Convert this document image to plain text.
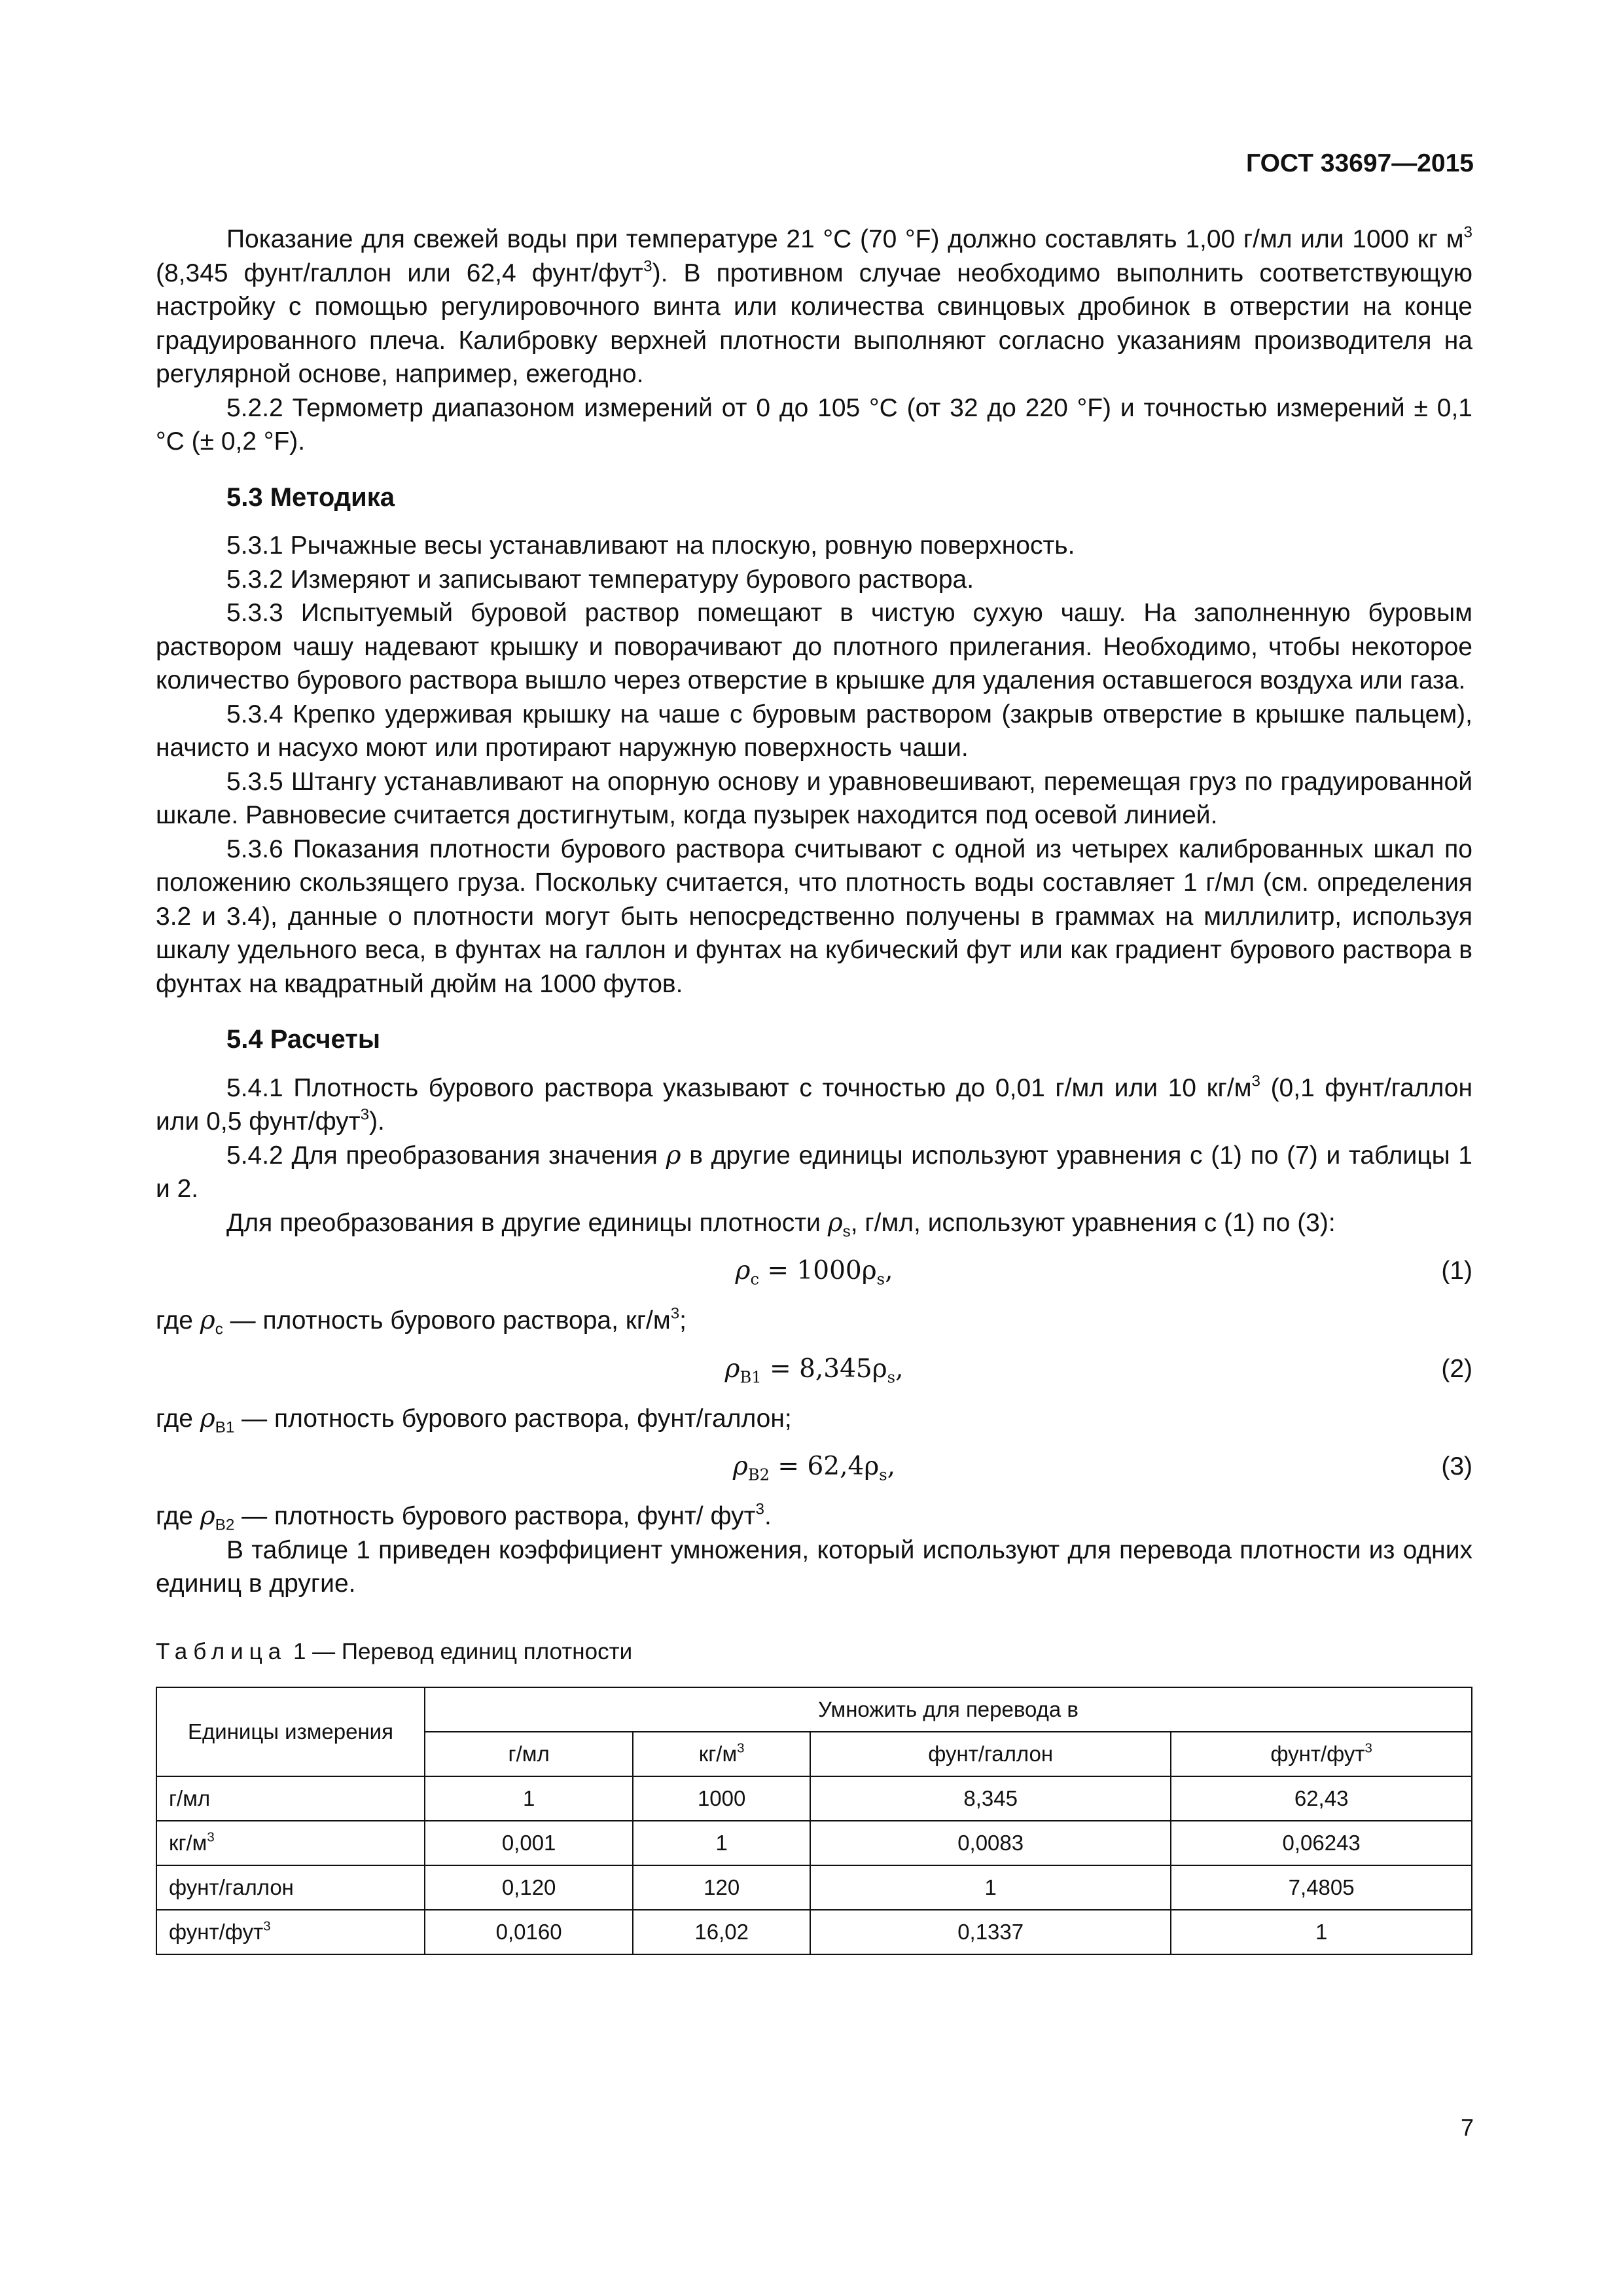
ГОСТ 33697—2015

Показание для свежей воды при температуре 21 °С (70 °F) должно составлять 1,00 г/мл или 1000 кг $м^3$ (8,345 фунт/галлон или 62,4 фунт/фут$^3$). В противном случае необходимо выполнить соответствующую настройку с помощью регулировочного винта или количества свинцовых дробинок в отверстии на конце градуированного плеча. Калибровку верхней плотности выполняют согласно указаниям производителя на регулярной основе, например, ежегодно.

5.2.2 Термометр диапазоном измерений от 0 до 105 °С (от 32 до 220 °F) и точностью измерений ± 0,1 °С (± 0,2 °F).

5.3 Методика

5.3.1 Рычажные весы устанавливают на плоскую, ровную поверхность.

5.3.2 Измеряют и записывают температуру бурового раствора.

5.3.3 Испытуемый буровой раствор помещают в чистую сухую чашу. На заполненную буровым раствором чашу надевают крышку и поворачивают до плотного прилегания. Необходимо, чтобы некоторое количество бурового раствора вышло через отверстие в крышке для удаления оставшегося воздуха или газа.

5.3.4 Крепко удерживая крышку на чаше с буровым раствором (закрыв отверстие в крышке пальцем), начисто и насухо моют или протирают наружную поверхность чаши.

5.3.5 Штангу устанавливают на опорную основу и уравновешивают, перемещая груз по градуированной шкале. Равновесие считается достигнутым, когда пузырек находится под осевой линией.

5.3.6 Показания плотности бурового раствора считывают с одной из четырех калиброванных шкал по положению скользящего груза. Поскольку считается, что плотность воды составляет 1 г/мл (см. определения 3.2 и 3.4), данные о плотности могут быть непосредственно получены в граммах на миллилитр, используя шкалу удельного веса, в фунтах на галлон и фунтах на кубический фут или как градиент бурового раствора в фунтах на квадратный дюйм на 1000 футов.

5.4 Расчеты

5.4.1 Плотность бурового раствора указывают с точностью до 0,01 г/мл или 10 $кг/м^3$ (0,1 фунт/галлон или 0,5 фунт/фут$^3$).

5.4.2 Для преобразования значения ρ в другие единицы используют уравнения с (1) по (7) и таблицы 1 и 2.

Для преобразования в другие единицы плотности $\rho_s$, г/мл, используют уравнения с (1) по (3):

$\rho_c = 1000\rho_s$,	(1)

где $\rho_c$ — плотность бурового раствора, $кг/м^3$;

$\rho_{B1} = 8,345\rho_s$,	(2)

где $\rho_{B1}$ — плотность бурового раствора, фунт/галлон;

$\rho_{B2} = 62,4\rho_s$,	(3)

где $\rho_{B2}$ — плотность бурового раствора, фунт/ фут$^3$.

В таблице 1 приведен коэффициент умножения, который используют для перевода плотности из одних единиц в другие.

Таблица 1 — Перевод единиц плотности
Единицы измерения	Умножить для перевода в			
	г/мл	$кг/м^3$	фунт/галлон	фунт/фут$^3$
г/мл	1	1000	8,345	62,43
$кг/м^3$	0,001	1	0,0083	0,06243
фунт/галлон	0,120	120	1	7,4805
фунт/фут$^3$	0,0160	16,02	0,1337	1
7
